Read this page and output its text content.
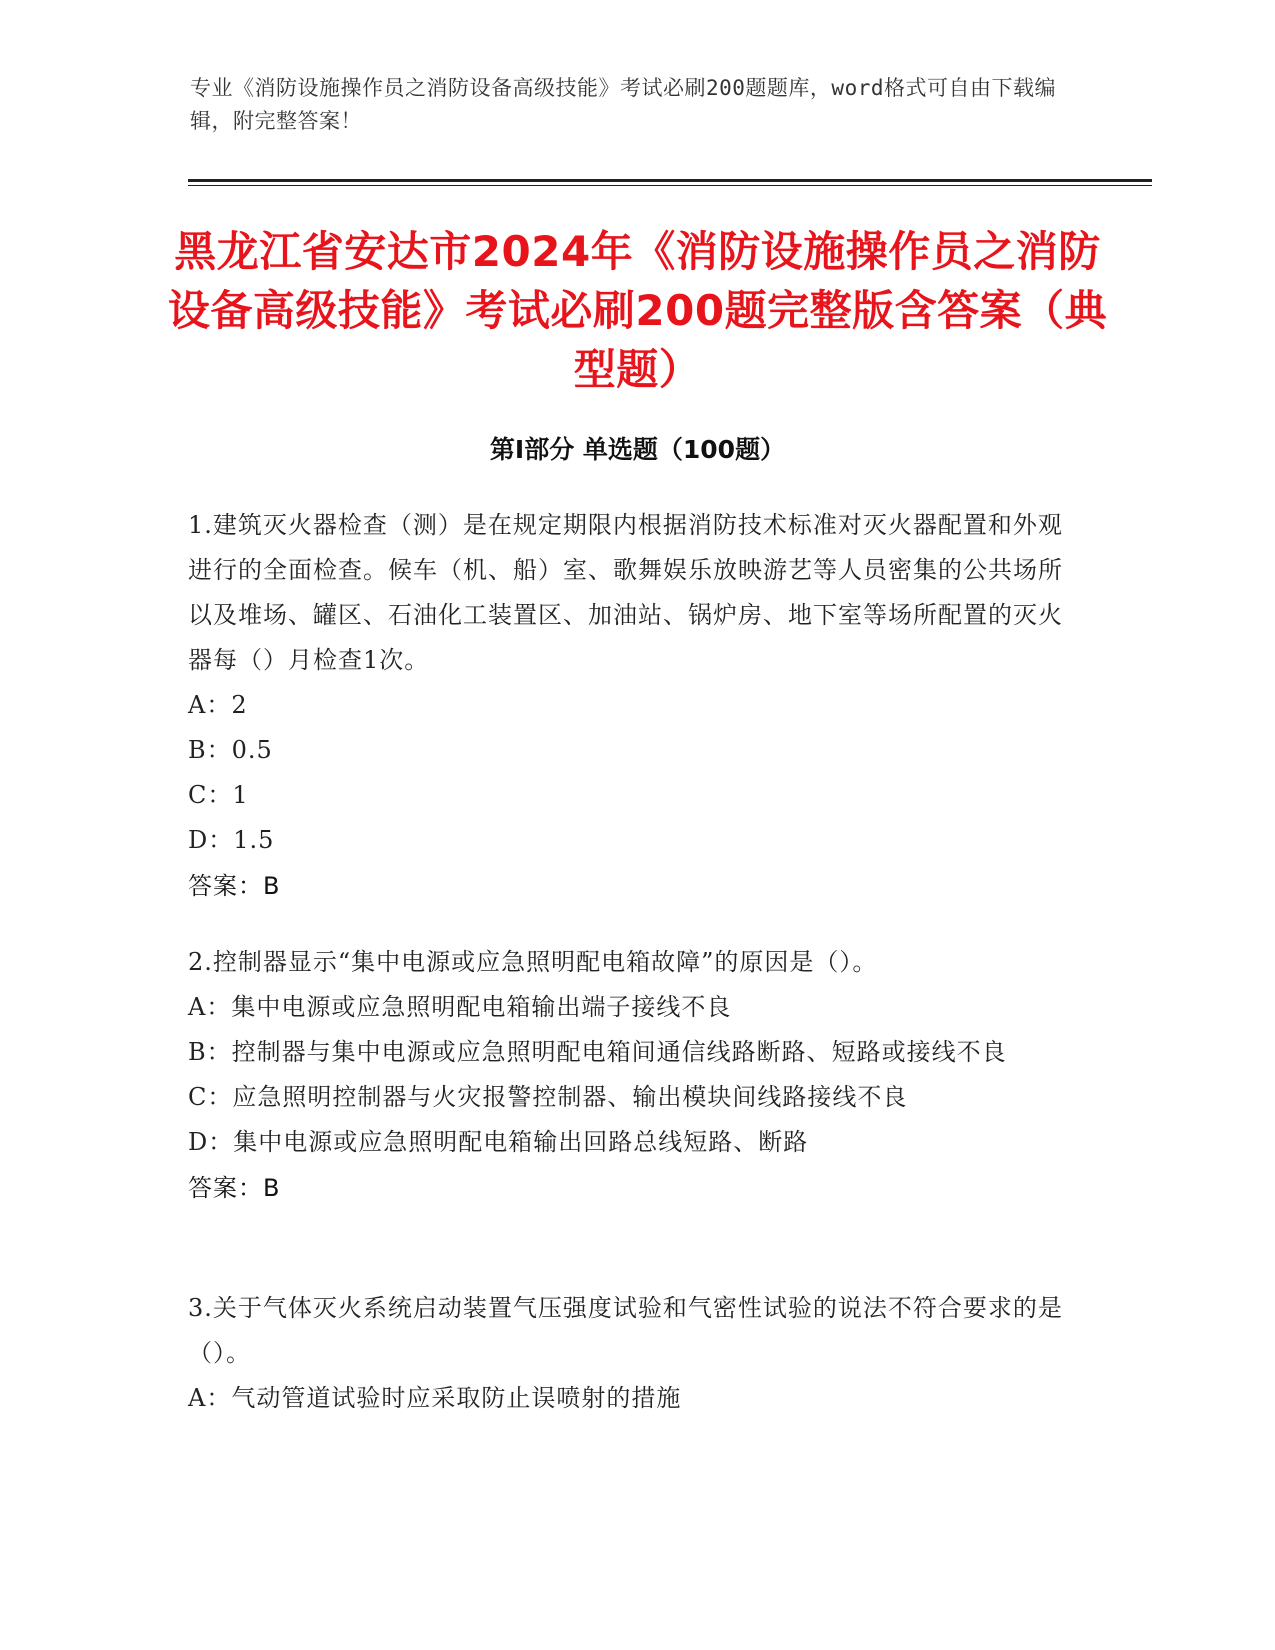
专业《消防设施操作员之消防设备高级技能》考试必刷200题题库，word格式可自由下载编辑，附完整答案！
黑龙江省安达市2024年《消防设施操作员之消防设备高级技能》考试必刷200题完整版含答案（典型题）
第I部分 单选题（100题）
1.建筑灭火器检查（测）是在规定期限内根据消防技术标准对灭火器配置和外观进行的全面检查。候车（机、船）室、歌舞娱乐放映游艺等人员密集的公共场所以及堆场、罐区、石油化工装置区、加油站、锅炉房、地下室等场所配置的灭火器每（）月检查1次。
A：2
B：0.5
C：1
D：1.5
答案：B
2.控制器显示“集中电源或应急照明配电箱故障”的原因是（）。
A：集中电源或应急照明配电箱输出端子接线不良
B：控制器与集中电源或应急照明配电箱间通信线路断路、短路或接线不良
C：应急照明控制器与火灾报警控制器、输出模块间线路接线不良
D：集中电源或应急照明配电箱输出回路总线短路、断路
答案：B
3.关于气体灭火系统启动装置气压强度试验和气密性试验的说法不符合要求的是（）。
A：气动管道试验时应采取防止误喷射的措施
